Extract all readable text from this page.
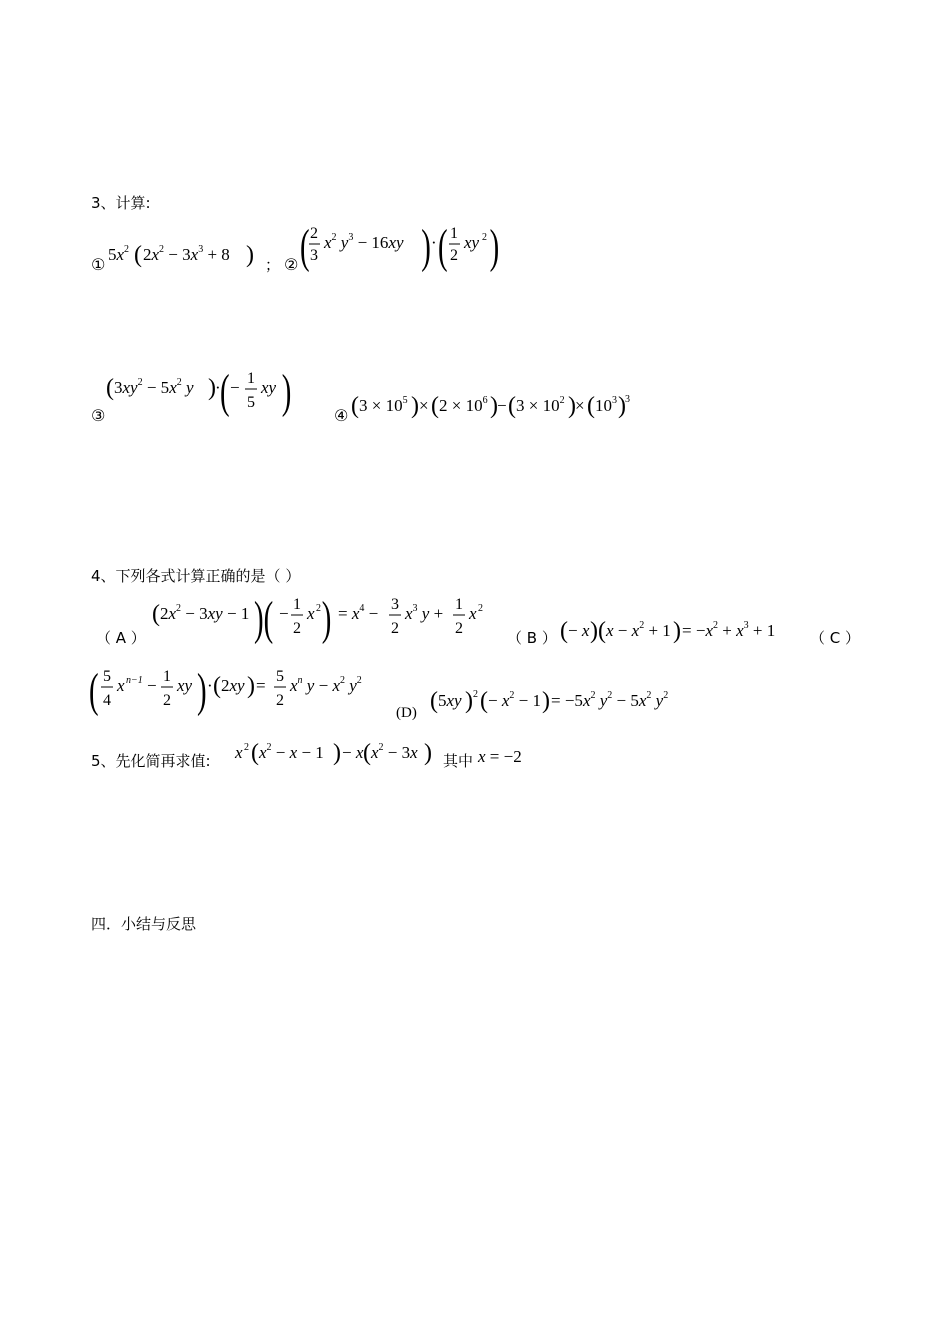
3、计算:
①
$5x^2$ ( $2x^2 - 3x^3 + 8$ ) ； ② ( 2
3
$x^2$ $y^3 - 16xy$ ) · ( 1
2
xy 2 )
③
( $3xy^2 - 5x^2$ y ) · ( − 1
5
xy )	④ ( $3 \times 10^5$ ) × ( $2 \times 10^6$ ) − ( $3 \times 10^2$ ) × ( $10^3$ ) 3
4、下列各式计算正确的是（ ）
（ A ）
( $2x^2 - 3xy - 1$ )( − 1
2
x 2 ) = $x^4 - 3$
2
$x^3$ y + 1
2
x 2
（ B ） ( − x )( $x - x^2 + 1$ ) = $-x^2 + x^3 + 1$ （ C ）
( 5
4
x n−1 − 1
2
xy ) · ( 2xy ) = 5
2
$x^n$ $y - x^2$ $y^2$
(D) ( 5xy ) 2 ( − $x^2 - 1$ ) = $-5x^2$ $y^2 - 5x^2$ $y^2$
5、先化简再求值: x 2 ( $x^2 - x - 1$ ) − x ( $x^2 - 3x$ ) 其中 x = −2
四．小结与反思
